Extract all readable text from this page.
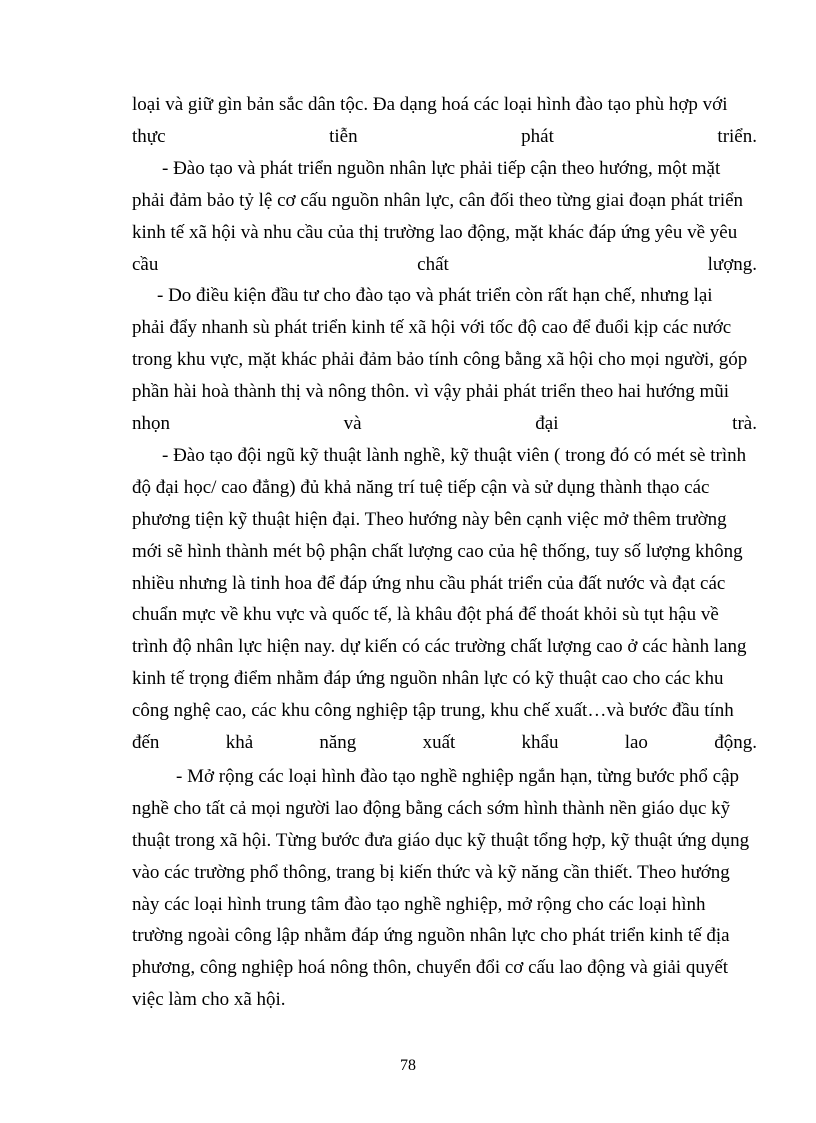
loại và giữ gìn bản sắc dân tộc. Đa dạng hoá các loại hình đào tạo phù hợp với
thực	tiễn	phát	triển.
- Đào tạo và phát triển nguồn nhân lực phải tiếp cận theo hướng, một mặt
phải đảm bảo tỷ lệ cơ cấu nguồn nhân lực, cân đối theo từng giai đoạn phát triển
kinh tế xã hội và nhu cầu của thị trường lao động, mặt khác đáp ứng yêu về yêu
cầu	chất	lượng.
- Do điều kiện đầu tư cho đào tạo và phát triển còn rất hạn chế, nhưng lại
phải đẩy nhanh sù phát triển kinh tế xã hội với tốc độ cao để đuổi kịp các nước
trong khu vực, mặt khác phải đảm bảo tính công bằng xã hội cho mọi người, góp
phần hài hoà thành thị và nông thôn. vì vậy phải phát triển theo hai hướng mũi
nhọn	và	đại	trà.
- Đào tạo đội ngũ kỹ thuật lành nghề, kỹ thuật viên ( trong đó có mét sè trình
độ đại học/ cao đẳng) đủ khả năng trí tuệ tiếp cận và sử dụng thành thạo các
phương tiện kỹ thuật hiện đại. Theo hướng này bên cạnh việc mở thêm trường
mới sẽ hình thành mét bộ phận chất lượng cao của hệ thống, tuy số lượng không
nhiều nhưng là tinh hoa để đáp ứng nhu cầu phát triển của đất nước và đạt các
chuẩn mực về khu vực và quốc tế, là khâu đột phá để thoát khỏi sù tụt hậu về
trình độ nhân lực hiện nay. dự kiến có các trường chất lượng cao ở các hành lang
kinh tế trọng điểm nhằm đáp ứng nguồn nhân lực có kỹ thuật cao cho các khu
công nghệ cao, các khu công nghiệp tập trung, khu chế xuất…và bước đầu tính
đến	khả	năng	xuất	khẩu	lao	động.
- Mở rộng các loại hình đào tạo nghề nghiệp ngắn hạn, từng bước phổ cập
nghề cho tất cả mọi người lao động bằng cách sớm hình thành nền giáo dục kỹ
thuật trong xã hội. Từng bước đưa giáo dục kỹ thuật tổng hợp, kỹ thuật ứng dụng
vào các trường phổ thông, trang bị kiến thức và kỹ năng cần thiết. Theo hướng
này các loại hình trung tâm đào tạo nghề nghiệp, mở rộng cho các loại hình
trường ngoài công lập nhằm đáp ứng nguồn nhân lực cho phát triển kinh tế địa
phương, công nghiệp hoá nông thôn, chuyển đổi cơ cấu lao động và giải quyết
việc làm cho xã hội.
78
